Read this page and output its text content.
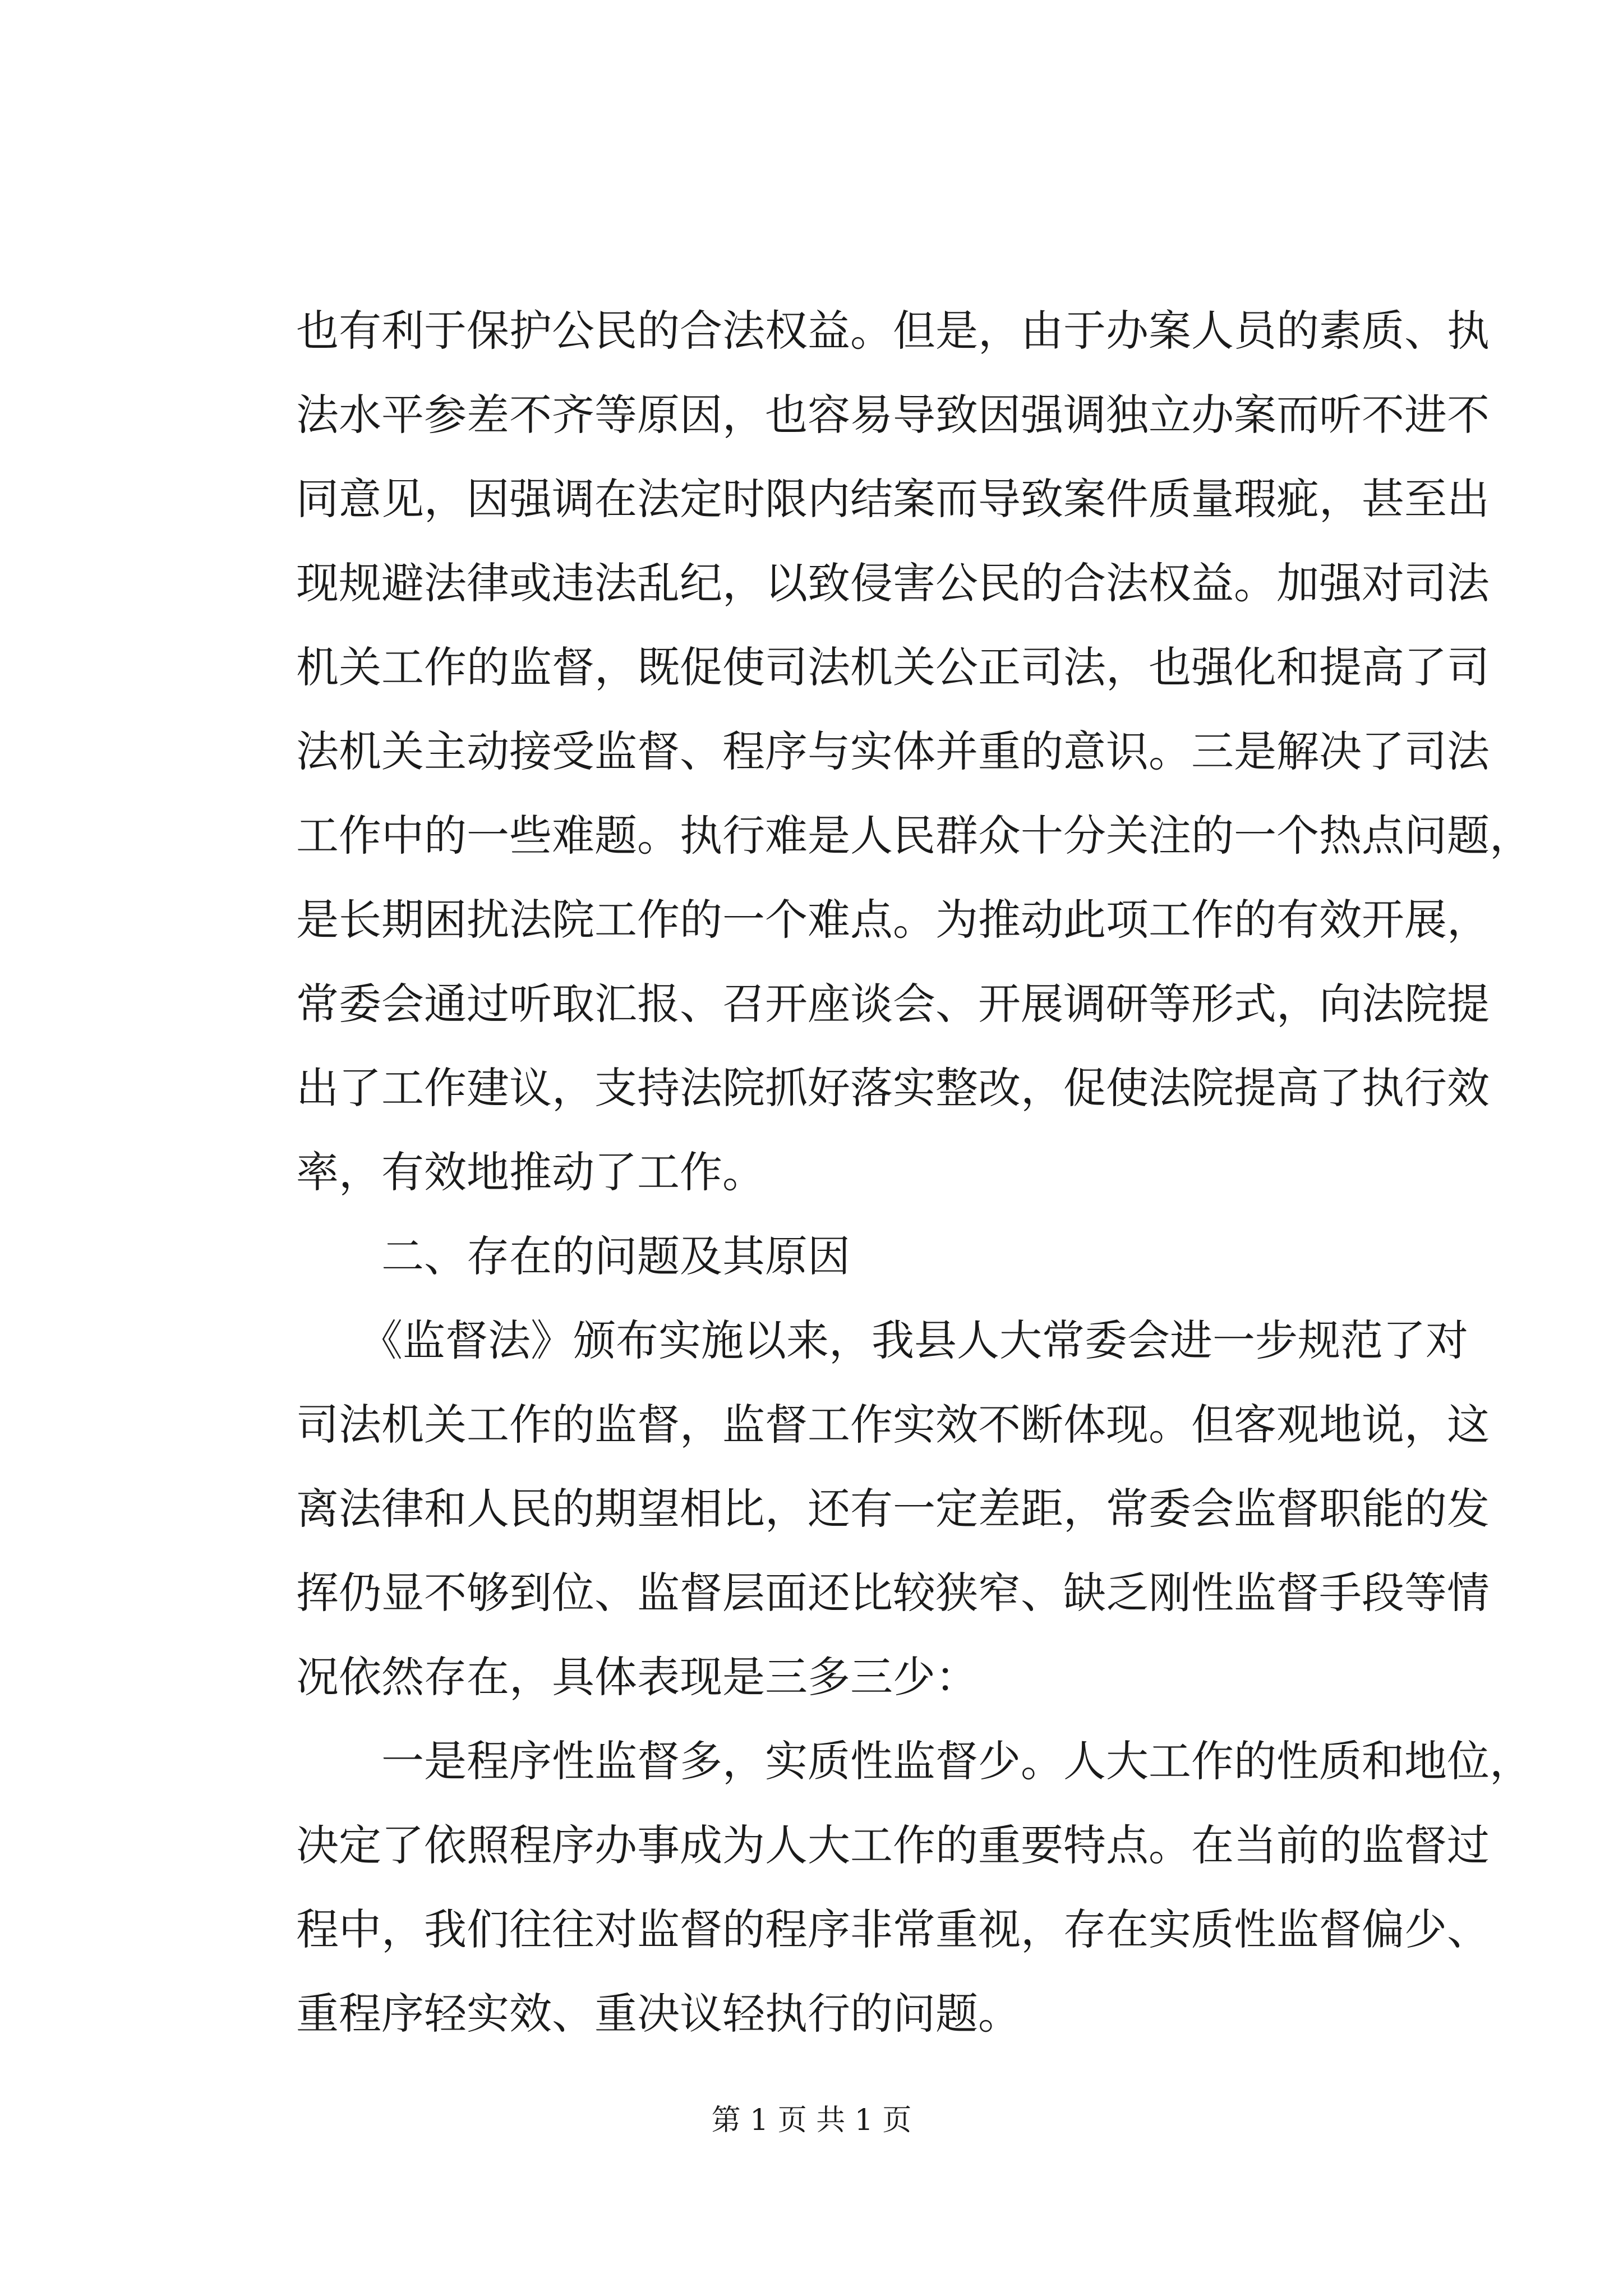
也有利于保护公民的合法权益。但是，由于办案人员的素质、执
法水平参差不齐等原因，也容易导致因强调独立办案而听不进不
同意见，因强调在法定时限内结案而导致案件质量瑕疵，甚至出
现规避法律或违法乱纪，以致侵害公民的合法权益。加强对司法
机关工作的监督，既促使司法机关公正司法，也强化和提高了司
法机关主动接受监督、程序与实体并重的意识。三是解决了司法
工作中的一些难题。执行难是人民群众十分关注的一个热点问题，
是长期困扰法院工作的一个难点。为推动此项工作的有效开展，
常委会通过听取汇报、召开座谈会、开展调研等形式，向法院提
出了工作建议，支持法院抓好落实整改，促使法院提高了执行效
率，有效地推动了工作。
　　二、存在的问题及其原因
　　《监督法》颁布实施以来，我县人大常委会进一步规范了对
司法机关工作的监督，监督工作实效不断体现。但客观地说，这
离法律和人民的期望相比，还有一定差距，常委会监督职能的发
挥仍显不够到位、监督层面还比较狭窄、缺乏刚性监督手段等情
况依然存在，具体表现是三多三少：
　　一是程序性监督多，实质性监督少。人大工作的性质和地位，
决定了依照程序办事成为人大工作的重要特点。在当前的监督过
程中，我们往往对监督的程序非常重视，存在实质性监督偏少、
重程序轻实效、重决议轻执行的问题。
第 1 页 共 1 页
